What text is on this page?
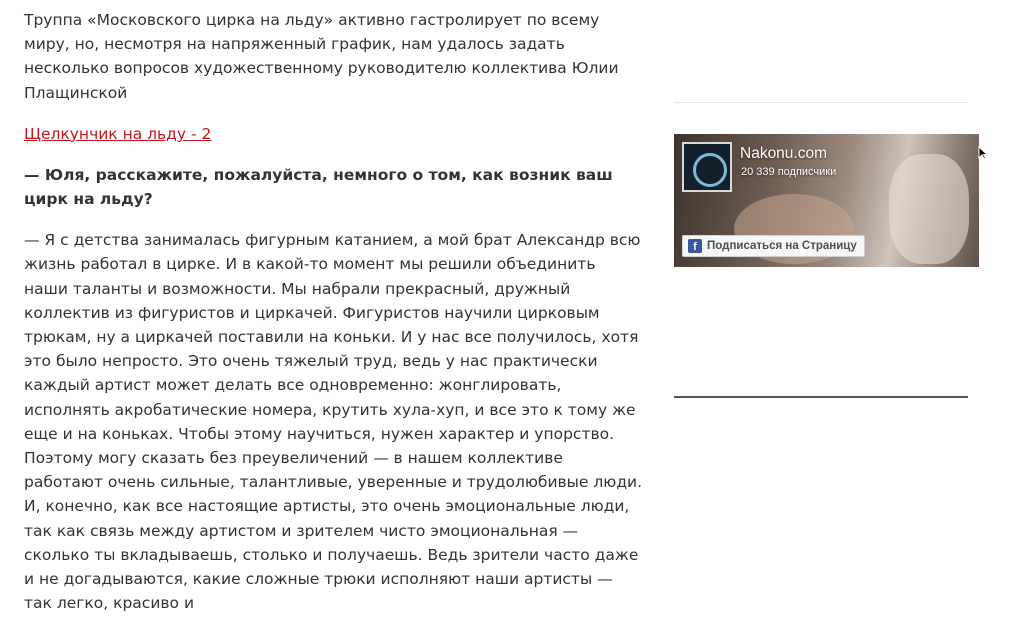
Труппа «Московского цирка на льду» активно гастролирует по всему миру, но, несмотря на напряженный график, нам удалось задать несколько вопросов художественному руководителю коллектива Юлии Плащинской

Щелкунчик на льду - 2

— Юля, расскажите, пожалуйста, немного о том, как возник ваш цирк на льду?

— Я с детства занималась фигурным катанием, а мой брат Александр всю жизнь работал в цирке. И в какой-то момент мы решили объединить наши таланты и возможности. Мы набрали прекрасный, дружный коллектив из фигуристов и циркачей. Фигуристов научили цирковым трюкам, ну а циркачей поставили на коньки. И у нас все получилось, хотя это было непросто. Это очень тяжелый труд, ведь у нас практически каждый артист может делать все одновременно: жонглировать, исполнять акробатические номера, крутить хула-хуп, и все это к тому же еще и на коньках. Чтобы этому научиться, нужен характер и упорство. Поэтому могу сказать без преувеличений — в нашем коллективе работают очень сильные, талантливые, уверенные и трудолюбивые люди. И, конечно, как все настоящие артисты, это очень эмоциональные люди, так как связь между артистом и зрителем чисто эмоциональная — сколько ты вкладываешь, столько и получаешь. Ведь зрители часто даже и не догадываются, какие сложные трюки исполняют наши артисты — так легко, красиво и

Nakonu.com
20 339 подписчики
f Подписаться на Страницу
